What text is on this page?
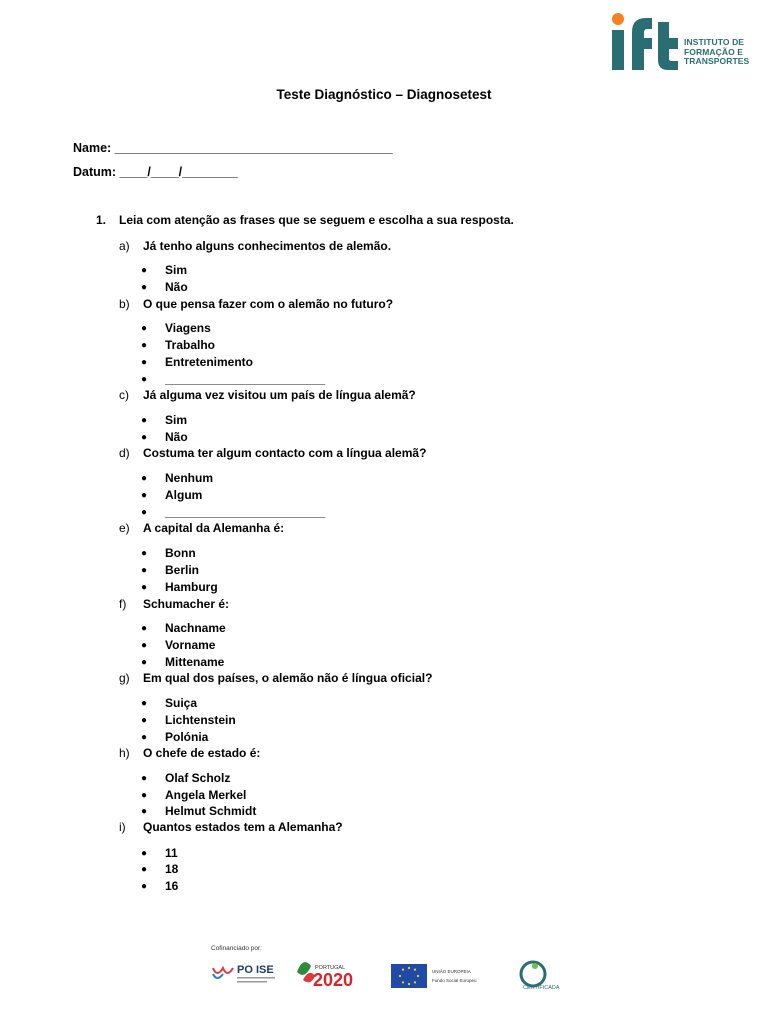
INSTITUTO DE
FORMAÇÃO E
TRANSPORTES
Teste Diagnóstico – Diagnosetest
Name: ________________________________________
Datum: ____/____/________
1. Leia com atenção as frases que se seguem e escolha a sua resposta.
a) Já tenho alguns conhecimentos de alemão.
● Sim
● Não
b) O que pensa fazer com o alemão no futuro?
● Viagens
● Trabalho
● Entretenimento
● ________________________
c) Já alguma vez visitou um país de língua alemã?
● Sim
● Não
d) Costuma ter algum contacto com a língua alemã?
● Nenhum
● Algum
● ________________________
e) A capital da Alemanha é:
● Bonn
● Berlin
● Hamburg
f) Schumacher é:
● Nachname
● Vorname
● Mittename
g) Em qual dos países, o alemão não é língua oficial?
● Suiça
● Lichtenstein
● Polónia
h) O chefe de estado é:
● Olaf Scholz
● Angela Merkel
● Helmut Schmidt
i) Quantos estados tem a Alemanha?
● 11
● 18
● 16
Cofinanciado por:
PO ISE	PORTUGAL
2020	UNIÃO EUROPEIA
Fundo Social Europeu
CERTIFICADA
